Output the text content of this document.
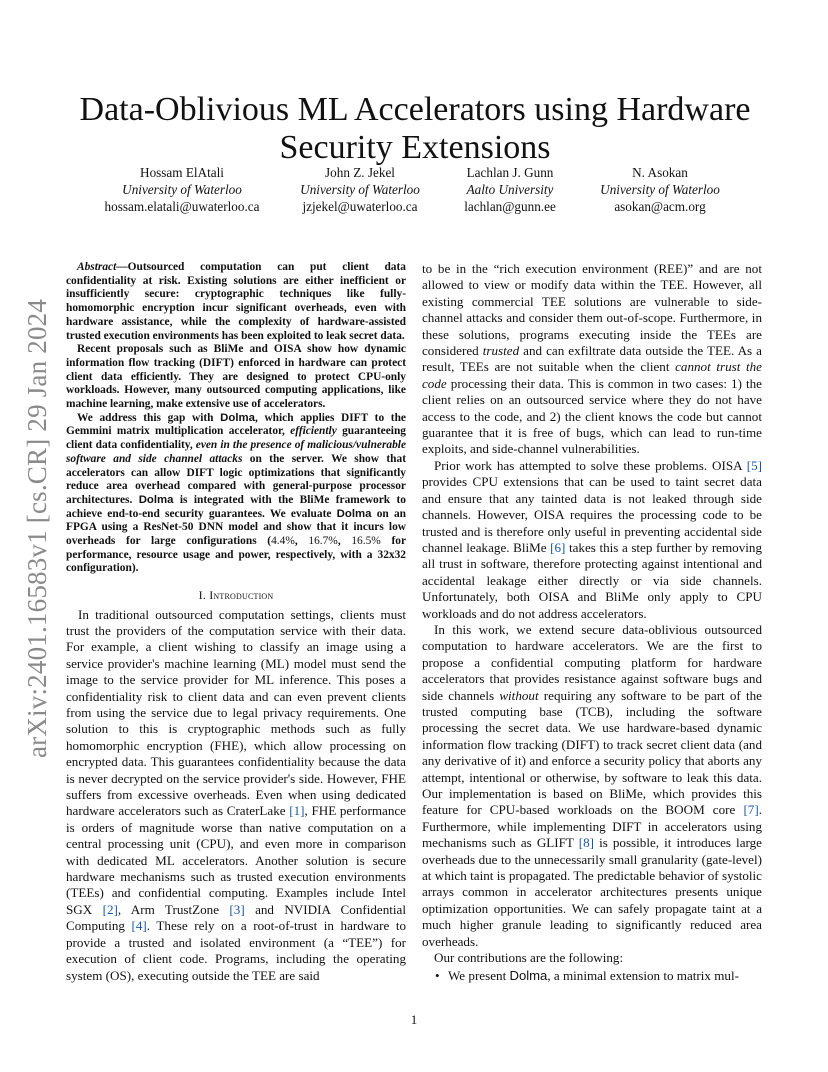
arXiv:2401.16583v1 [cs.CR] 29 Jan 2024
Data-Oblivious ML Accelerators using Hardware Security Extensions
Hossam ElAtali
University of Waterloo
hossam.elatali@uwaterloo.ca
John Z. Jekel
University of Waterloo
jzjekel@uwaterloo.ca
Lachlan J. Gunn
Aalto University
lachlan@gunn.ee
N. Asokan
University of Waterloo
asokan@acm.org

Abstract—Outsourced computation can put client data confidentiality at risk. Existing solutions are either inefficient or insufficiently secure: cryptographic techniques like fully-homomorphic encryption incur significant overheads, even with hardware assistance, while the complexity of hardware-assisted trusted execution environments has been exploited to leak secret data.

Recent proposals such as BliMe and OISA show how dynamic information flow tracking (DIFT) enforced in hardware can protect client data efficiently. They are designed to protect CPU-only workloads. However, many outsourced computing applications, like machine learning, make extensive use of accelerators.

We address this gap with Dolma, which applies DIFT to the Gemmini matrix multiplication accelerator, efficiently guaranteeing client data confidentiality, even in the presence of malicious/vulnerable software and side channel attacks on the server. We show that accelerators can allow DIFT logic optimizations that significantly reduce area overhead compared with general-purpose processor architectures. Dolma is integrated with the BliMe framework to achieve end-to-end security guarantees. We evaluate Dolma on an FPGA using a ResNet-50 DNN model and show that it incurs low overheads for large configurations (4.4%, 16.7%, 16.5% for performance, resource usage and power, respectively, with a 32x32 configuration).

I. Introduction

In traditional outsourced computation settings, clients must trust the providers of the computation service with their data. For example, a client wishing to classify an image using a service provider's machine learning (ML) model must send the image to the service provider for ML inference. This poses a confidentiality risk to client data and can even prevent clients from using the service due to legal privacy requirements. One solution to this is cryptographic methods such as fully homomorphic encryption (FHE), which allow processing on encrypted data. This guarantees confidentiality because the data is never decrypted on the service provider's side. However, FHE suffers from excessive overheads. Even when using dedicated hardware accelerators such as CraterLake [1], FHE performance is orders of magnitude worse than native computation on a central processing unit (CPU), and even more in comparison with dedicated ML accelerators. Another solution is secure hardware mechanisms such as trusted execution environments (TEEs) and confidential computing. Examples include Intel SGX [2], Arm TrustZone [3] and NVIDIA Confidential Computing [4]. These rely on a root-of-trust in hardware to provide a trusted and isolated environment (a “TEE”) for execution of client code. Programs, including the operating system (OS), executing outside the TEE are said

to be in the “rich execution environment (REE)” and are not allowed to view or modify data within the TEE. However, all existing commercial TEE solutions are vulnerable to side-channel attacks and consider them out-of-scope. Furthermore, in these solutions, programs executing inside the TEEs are considered trusted and can exfiltrate data outside the TEE. As a result, TEEs are not suitable when the client cannot trust the code processing their data. This is common in two cases: 1) the client relies on an outsourced service where they do not have access to the code, and 2) the client knows the code but cannot guarantee that it is free of bugs, which can lead to run-time exploits, and side-channel vulnerabilities.

Prior work has attempted to solve these problems. OISA [5] provides CPU extensions that can be used to taint secret data and ensure that any tainted data is not leaked through side channels. However, OISA requires the processing code to be trusted and is therefore only useful in preventing accidental side channel leakage. BliMe [6] takes this a step further by removing all trust in software, therefore protecting against intentional and accidental leakage either directly or via side channels. Unfortunately, both OISA and BliMe only apply to CPU workloads and do not address accelerators.

In this work, we extend secure data-oblivious outsourced computation to hardware accelerators. We are the first to propose a confidential computing platform for hardware accelerators that provides resistance against software bugs and side channels without requiring any software to be part of the trusted computing base (TCB), including the software processing the secret data. We use hardware-based dynamic information flow tracking (DIFT) to track secret client data (and any derivative of it) and enforce a security policy that aborts any attempt, intentional or otherwise, by software to leak this data. Our implementation is based on BliMe, which provides this feature for CPU-based workloads on the BOOM core [7]. Furthermore, while implementing DIFT in accelerators using mechanisms such as GLIFT [8] is possible, it introduces large overheads due to the unnecessarily small granularity (gate-level) at which taint is propagated. The predictable behavior of systolic arrays common in accelerator architectures presents unique optimization opportunities. We can safely propagate taint at a much higher granule leading to significantly reduced area overheads.

Our contributions are the following:

• We present Dolma, a minimal extension to matrix mul-
1
